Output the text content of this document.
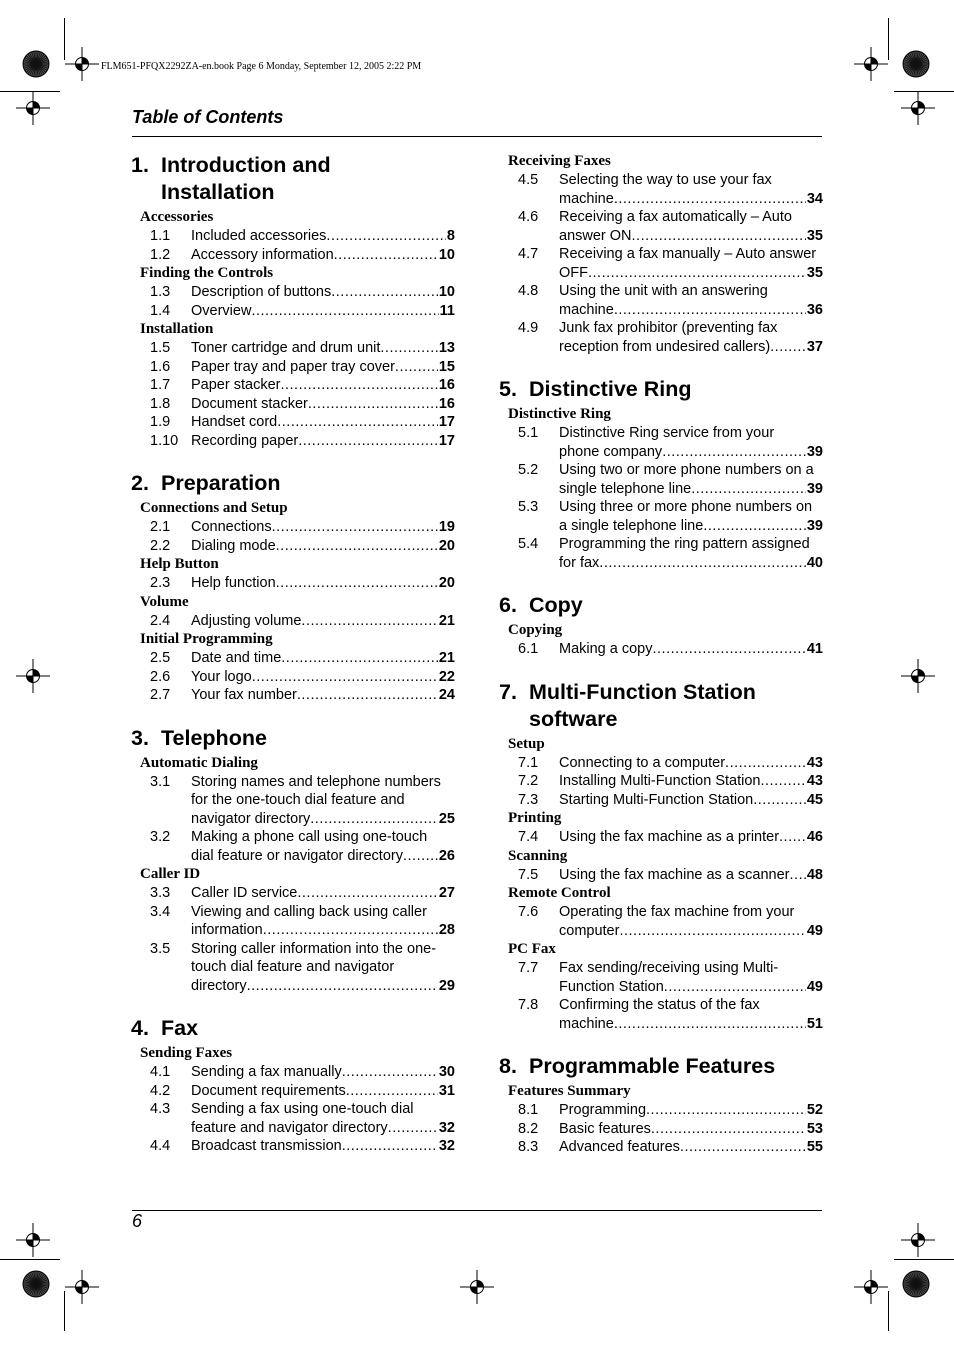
FLM651-PFQX2292ZA-en.book Page 6 Monday, September 12, 2005 2:22 PM
Table of Contents
1. Introduction and
Installation
Accessories
1.1	Included accessories .....	8
1.2	Accessory information .....	10
Finding the Controls
1.3	Description of buttons .....	10
1.4	Overview .....	11
Installation
1.5	Toner cartridge and drum unit .....	13
1.6	Paper tray and paper tray cover .....	15
1.7	Paper stacker .....	16
1.8	Document stacker .....	16
1.9	Handset cord .....	17
1.10 Recording paper .....	17
2. Preparation
Connections and Setup
2.1	Connections .....	19
2.2	Dialing mode .....	20
Help Button
2.3	Help function .....	20
Volume
2.4	Adjusting volume .....	21
Initial Programming
2.5	Date and time .....	21
2.6	Your logo .....	22
2.7	Your fax number .....	24
3. Telephone
Automatic Dialing
3.1	Storing names and telephone numbers
for the one-touch dial feature and
navigator directory .....	25
3.2	Making a phone call using one-touch
dial feature or navigator directory ..... 26
Caller ID
3.3	Caller ID service .....	27
3.4	Viewing and calling back using caller
information .....	28
3.5	Storing caller information into the one-
touch dial feature and navigator
directory .....	29
4. Fax
Sending Faxes
4.1	Sending a fax manually .....	30
4.2	Document requirements .....	31
4.3	Sending a fax using one-touch dial
feature and navigator directory .....	32
4.4	Broadcast transmission .....	32
Receiving Faxes
4.5	Selecting the way to use your fax
machine .....	34
4.6	Receiving a fax automatically – Auto
answer ON .....	35
4.7	Receiving a fax manually – Auto answer
OFF .....	35
4.8	Using the unit with an answering
machine .....	36
4.9	Junk fax prohibitor (preventing fax
reception from undesired callers) .....	37
5. Distinctive Ring
Distinctive Ring
5.1	Distinctive Ring service from your
phone company .....	39
5.2	Using two or more phone numbers on a
single telephone line .....	39
5.3	Using three or more phone numbers on
a single telephone line .....	39
5.4	Programming the ring pattern assigned
for fax .....	40
6. Copy
Copying
6.1	Making a copy .....	41
7. Multi-Function Station
software
Setup
7.1	Connecting to a computer .....	43
7.2	Installing Multi-Function Station .....	43
7.3	Starting Multi-Function Station .....	45
Printing
7.4	Using the fax machine as a printer ..... 46
Scanning
7.5	Using the fax machine as a scanner ..... 48
Remote Control
7.6	Operating the fax machine from your
computer .....	49
PC Fax
7.7	Fax sending/receiving using Multi-
Function Station .....	49
7.8	Confirming the status of the fax
machine .....	51
8. Programmable Features
Features Summary
8.1	Programming .....	52
8.2	Basic features .....	53
8.3	Advanced features .....	55
6
